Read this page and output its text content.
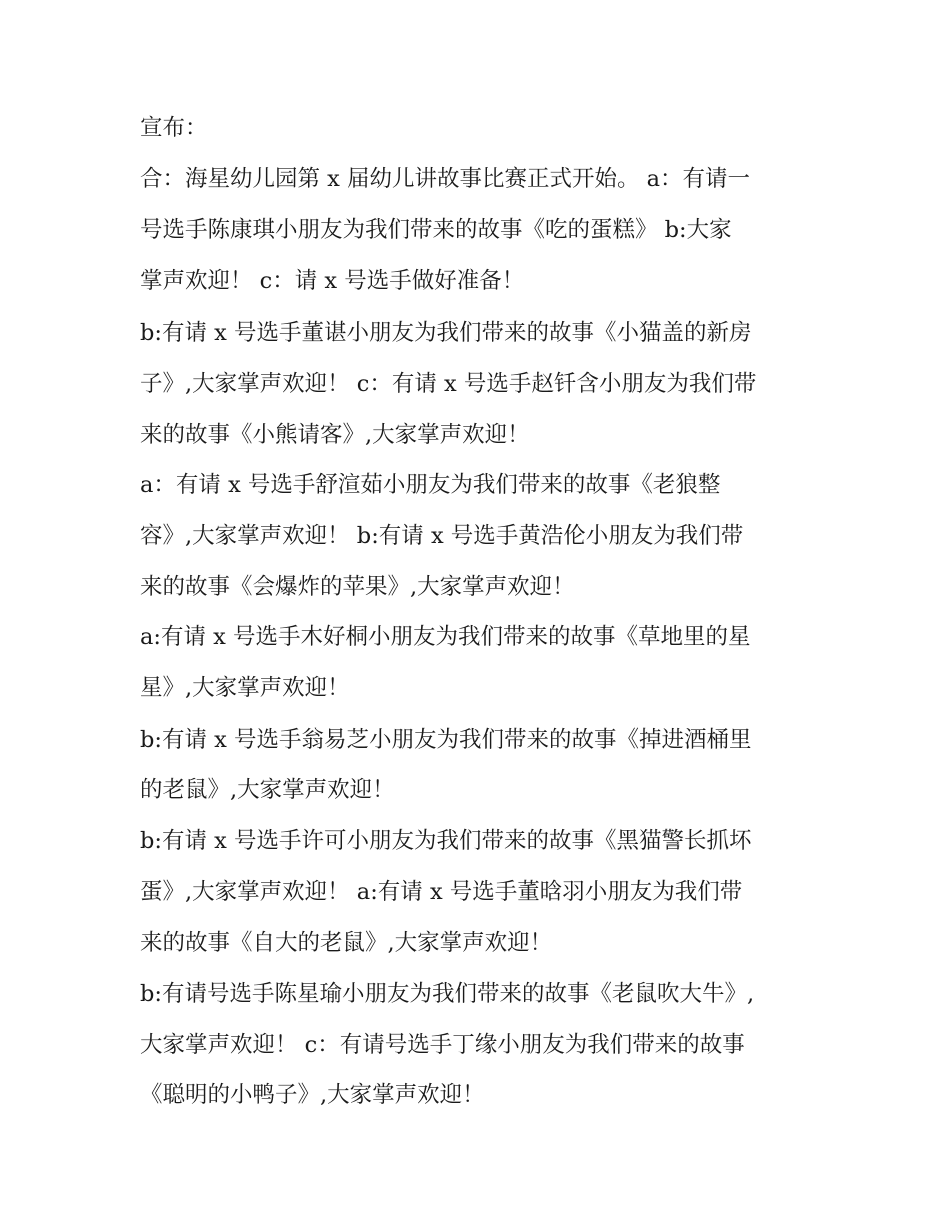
宣布：
合：海星幼儿园第 x 届幼儿讲故事比赛正式开始。 a：有请一
号选手陈康琪小朋友为我们带来的故事《吃的蛋糕》 b:大家
掌声欢迎！ c：请 x 号选手做好准备！
b:有请 x 号选手董谌小朋友为我们带来的故事《小猫盖的新房
子》,大家掌声欢迎！ c：有请 x 号选手赵钎含小朋友为我们带
来的故事《小熊请客》,大家掌声欢迎！
a：有请 x 号选手舒渲茹小朋友为我们带来的故事《老狼整
容》,大家掌声欢迎！ b:有请 x 号选手黄浩伦小朋友为我们带
来的故事《会爆炸的苹果》,大家掌声欢迎！
a:有请 x 号选手木好桐小朋友为我们带来的故事《草地里的星
星》,大家掌声欢迎！
b:有请 x 号选手翁易芝小朋友为我们带来的故事《掉进酒桶里
的老鼠》,大家掌声欢迎！
b:有请 x 号选手许可小朋友为我们带来的故事《黑猫警长抓坏
蛋》,大家掌声欢迎！ a:有请 x 号选手董晗羽小朋友为我们带
来的故事《自大的老鼠》,大家掌声欢迎！
b:有请号选手陈星瑜小朋友为我们带来的故事《老鼠吹大牛》,
大家掌声欢迎！ c：有请号选手丁缘小朋友为我们带来的故事
《聪明的小鸭子》,大家掌声欢迎！
